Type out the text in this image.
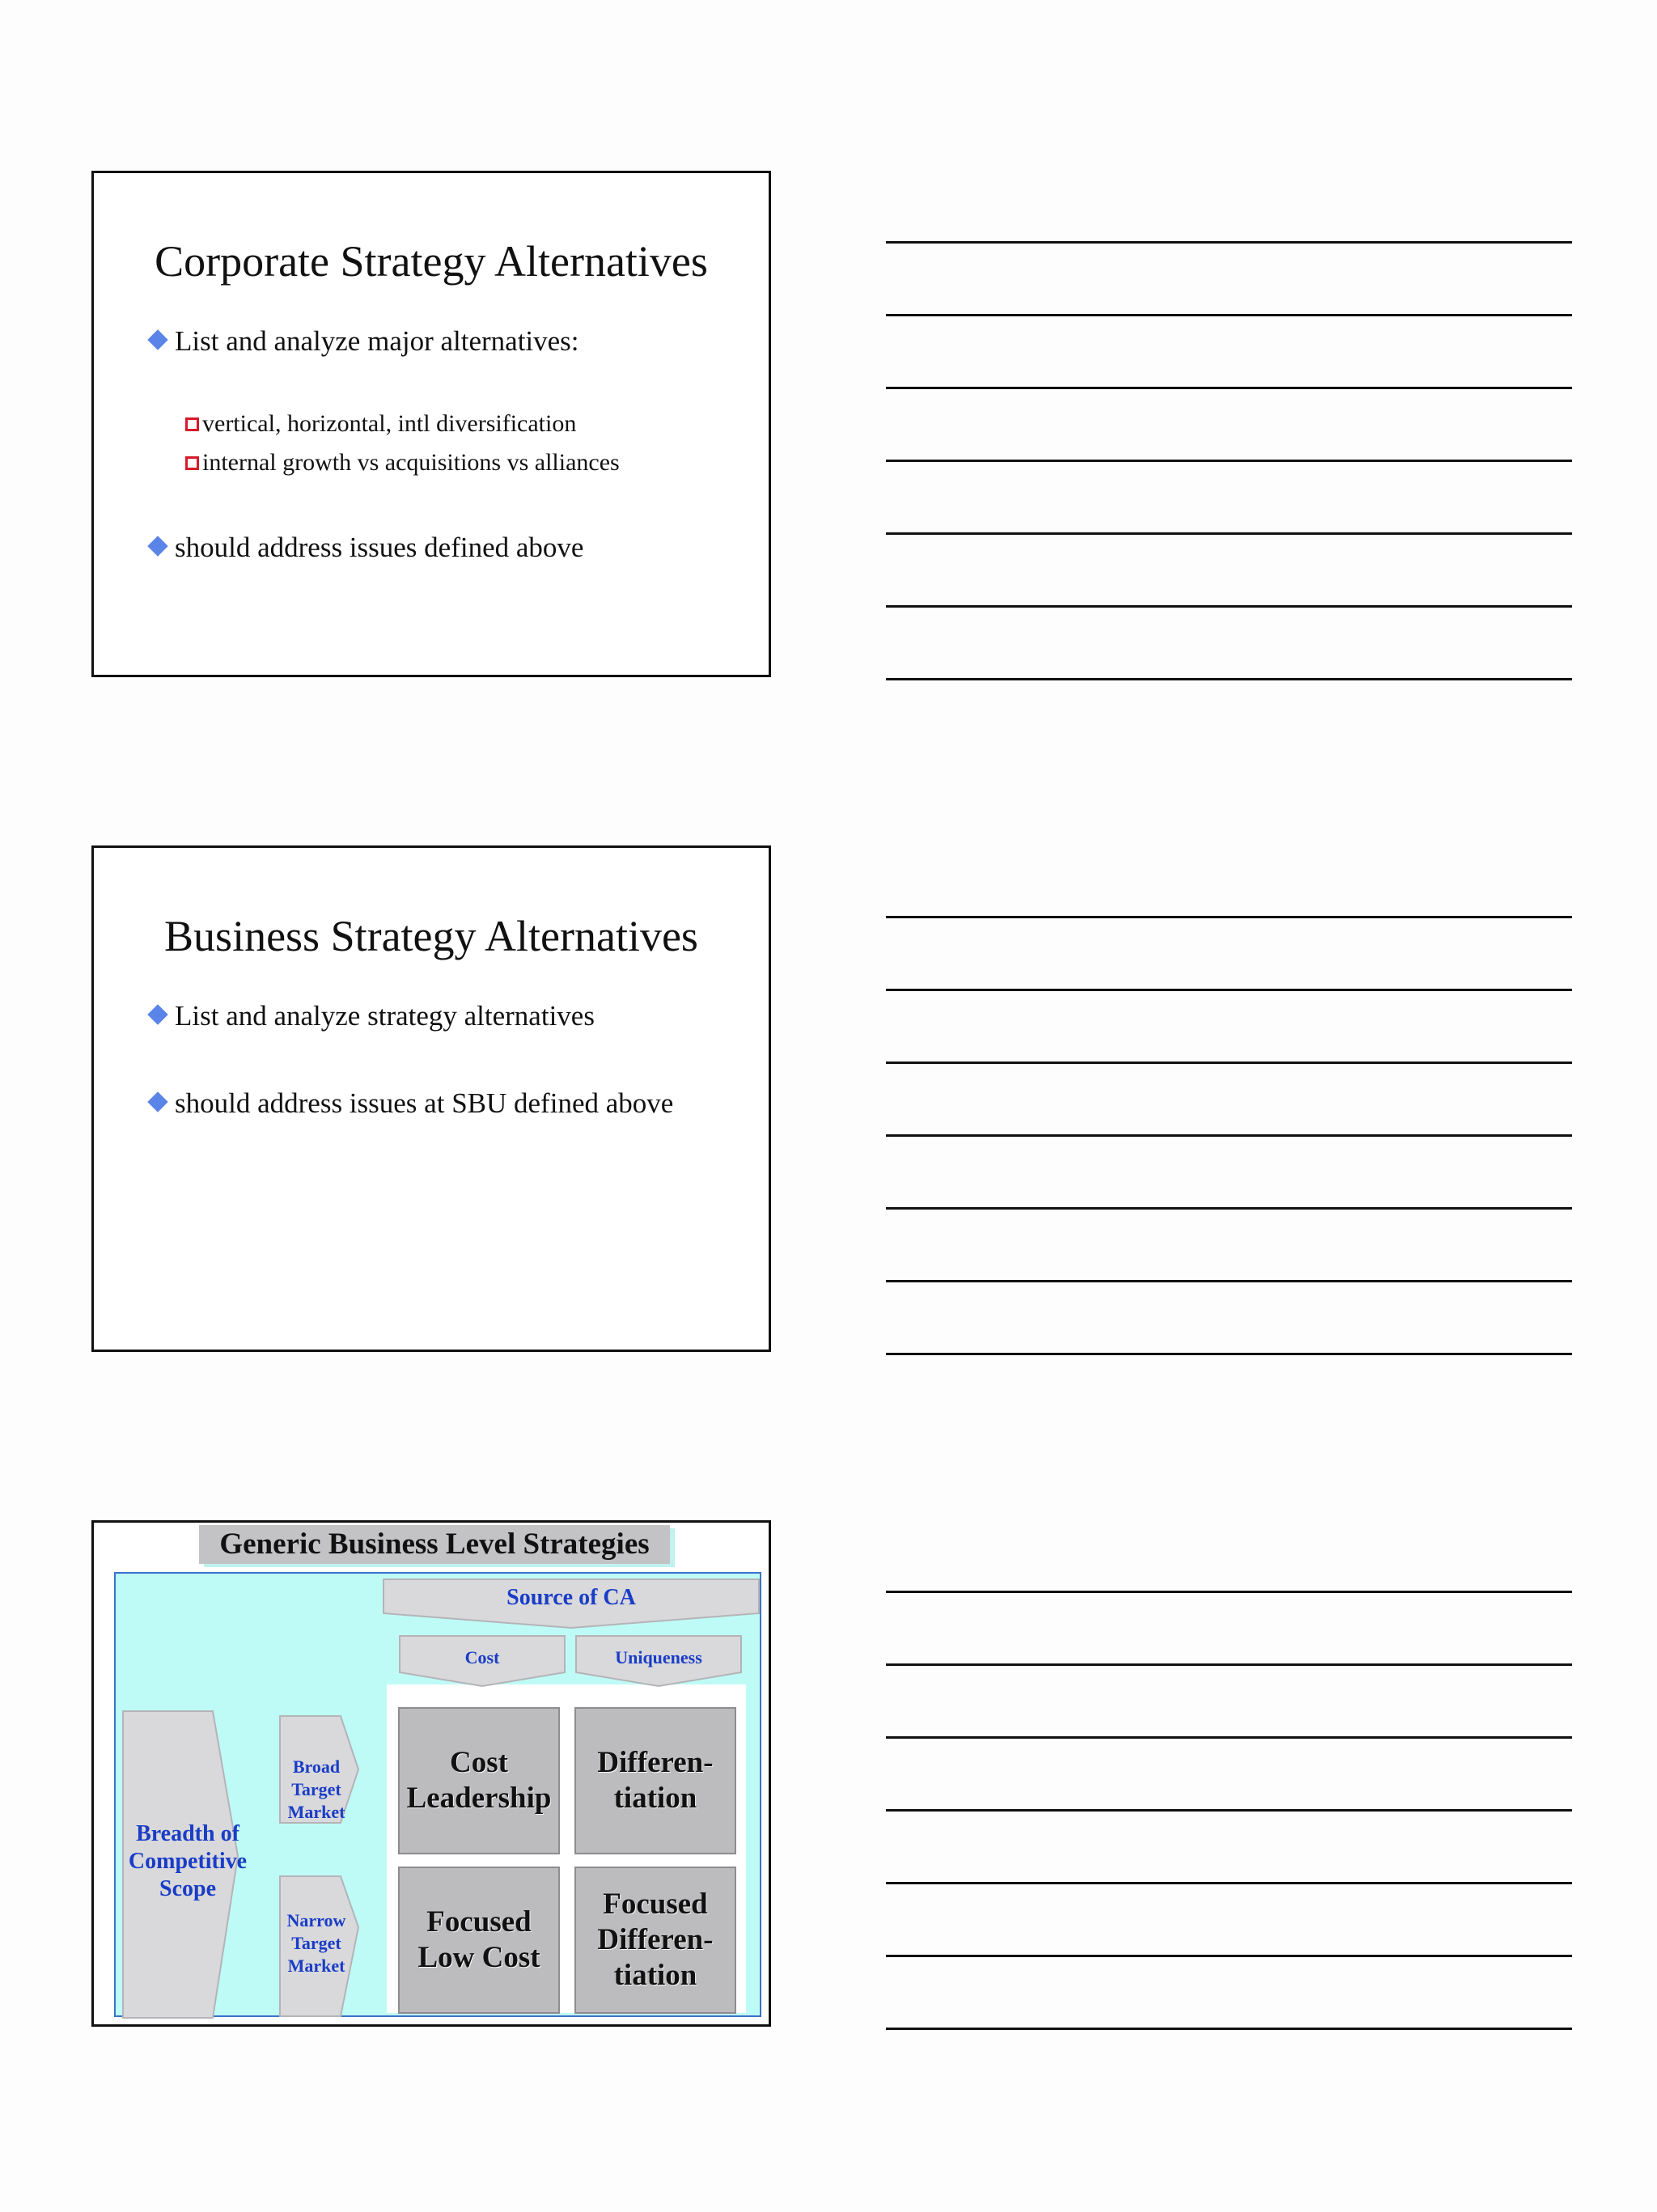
Corporate Strategy Alternatives
List and analyze major alternatives:
vertical, horizontal, intl diversification
internal growth vs acquisitions vs alliances
should address issues defined above
Business Strategy Alternatives
List and analyze strategy alternatives
should address issues at SBU defined above
Generic Business Level Strategies
Source of CA
Cost	Uniqueness
Breadth of
Competitive
Scope
Broad
Target
Market
Narrow
Target
Market
Cost
Leadership
Differen-
tiation
Focused
Low Cost
Focused
Differen-
tiation
